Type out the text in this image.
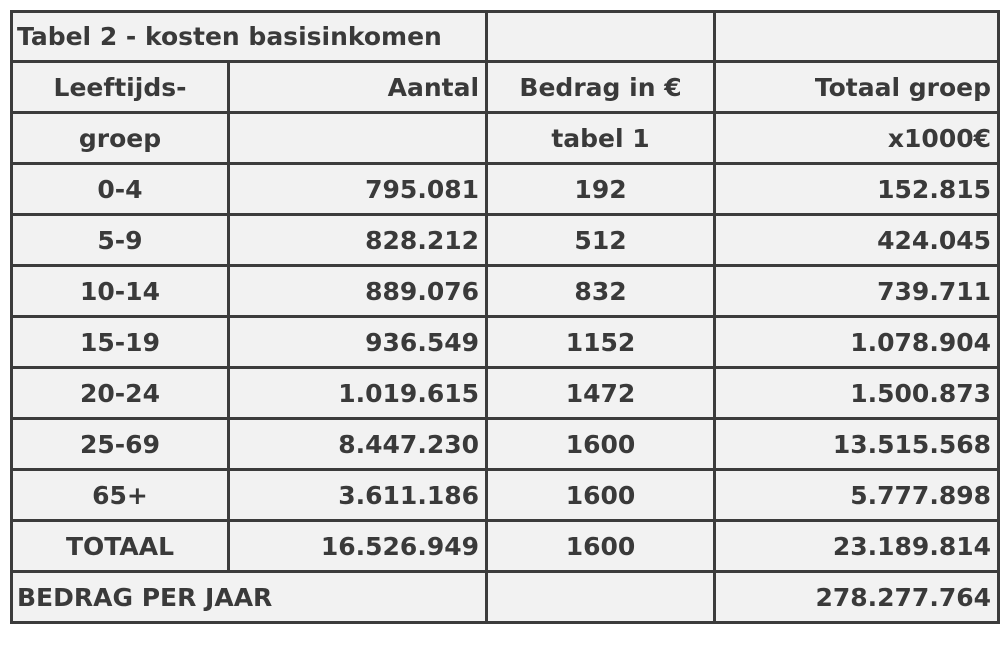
Tabel 2 - kosten basisinkomen			
Leeftijds-	Aantal	Bedrag in €	Totaal groep
groep		tabel 1	x1000€
0-4	795.081	192	152.815
5-9	828.212	512	424.045
10-14	889.076	832	739.711
15-19	936.549	1152	1.078.904
20-24	1.019.615	1472	1.500.873
25-69	8.447.230	1600	13.515.568
65+	3.611.186	1600	5.777.898
TOTAAL	16.526.949	1600	23.189.814
BEDRAG PER JAAR			278.277.764
